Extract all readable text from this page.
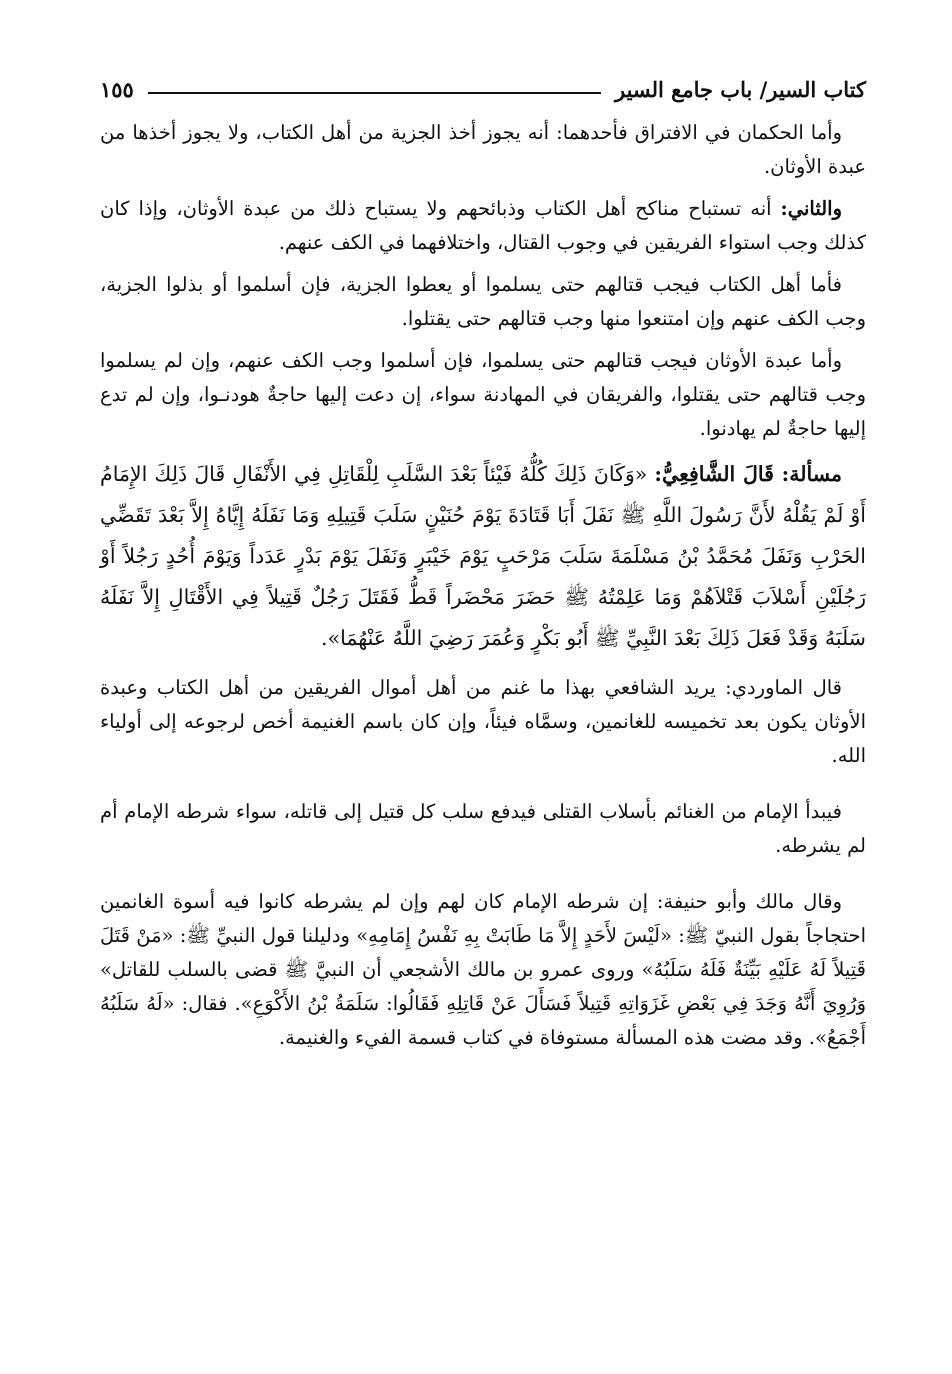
كتاب السير/ باب جامع السير
١٥٥

وأما الحكمان في الافتراق فأحدهما: أنه يجوز أخذ الجزية من أهل الكتاب، ولا يجوز أخذها من عبدة الأوثان.

والثاني: أنه تستباح مناكح أهل الكتاب وذبائحهم ولا يستباح ذلك من عبدة الأوثان، وإذا كان كذلك وجب استواء الفريقين في وجوب القتال، واختلافهما في الكف عنهم.

فأما أهل الكتاب فيجب قتالهم حتى يسلموا أو يعطوا الجزية، فإن أسلموا أو بذلوا الجزية، وجب الكف عنهم وإن امتنعوا منها وجب قتالهم حتى يقتلوا.

وأما عبدة الأوثان فيجب قتالهم حتى يسلموا، فإن أسلموا وجب الكف عنهم، وإن لم يسلموا وجب قتالهم حتى يقتلوا، والفريقان في المهادنة سواء، إن دعت إليها حاجةٌ هودنـوا، وإن لم تدع إليها حاجةٌ لم يهادنوا.

مسألة: قَالَ الشَّافِعِيُّ: «وَكَانَ ذَلِكَ كُلُّهُ فَيْئاً بَعْدَ السَّلَبِ لِلْقَاتِلِ فِي الأَنْفَالِ قَالَ ذَلِكَ الإِمَامُ أَوْ لَمْ يَقُلْهُ لأَنَّ رَسُولَ اللَّهِ ﷺ نَفَلَ أَبَا قَتَادَةَ يَوْمَ حُنَيْنٍ سَلَبَ قَتِيلِهِ وَمَا نَفَلَهُ إِيَّاهُ إِلاَّ بَعْدَ تَقَضِّي الحَرْبِ وَنَفَلَ مُحَمَّدُ بْنُ مَسْلَمَةَ سَلَبَ مَرْحَبٍ يَوْمَ خَيْبَرٍ وَنَفَلَ يَوْمَ بَدْرٍ عَدَداً وَيَوْمَ أُحُدٍ رَجُلاً أَوْ رَجُلَيْنِ أَسْلاَبَ قَتْلاَهُمْ وَمَا عَلِمْتُهُ ﷺ حَضَرَ مَحْضَراً قَطُّ فَقَتَلَ رَجُلٌ قَتِيلاً فِي الأَقْتَالِ إِلاَّ نَفَلَهُ سَلَبَهُ وَقَدْ فَعَلَ ذَلِكَ بَعْدَ النَّبِيِّ ﷺ أَبُو بَكْرٍ وَعُمَرَ رَضِيَ اللَّهُ عَنْهُمَا».

قال الماوردي: يريد الشافعي بهذا ما غنم من أهل أموال الفريقين من أهل الكتاب وعبدة الأوثان يكون بعد تخميسه للغانمين، وسمَّاه فيئاً، وإن كان باسم الغنيمة أخص لرجوعه إلى أولياء الله.

فيبدأ الإمام من الغنائم بأسلاب القتلى فيدفع سلب كل قتيل إلى قاتله، سواء شرطه الإمام أم لم يشرطه.

وقال مالك وأبو حنيفة: إن شرطه الإمام كان لهم وإن لم يشرطه كانوا فيه أسوة الغانمين احتجاجاً بقول النبيّ ﷺ: «لَيْسَ لأَحَدٍ إِلاَّ مَا طَابَتْ بِهِ نَفْسُ إِمَامِهِ» ودليلنا قول النبيِّ ﷺ: «مَنْ قَتَلَ قَتِيلاً لَهُ عَلَيْهِ بَيِّنَةٌ فَلَهُ سَلَبُهُ» وروى عمرو بن مالك الأشجعي أن النبيَّ ﷺ قضى بالسلب للقاتل» وَرُوِيَ أَنَّهُ وَجَدَ فِي بَعْضِ غَزَوَاتِهِ قَتِيلاً فَسَأَلَ عَنْ قَاتِلِهِ فَقَالُوا: سَلَمَةُ بْنُ الأَكْوَعِ». فقال: «لَهُ سَلَبُهُ أَجْمَعُ». وقد مضت هذه المسألة مستوفاة في كتاب قسمة الفيء والغنيمة.
